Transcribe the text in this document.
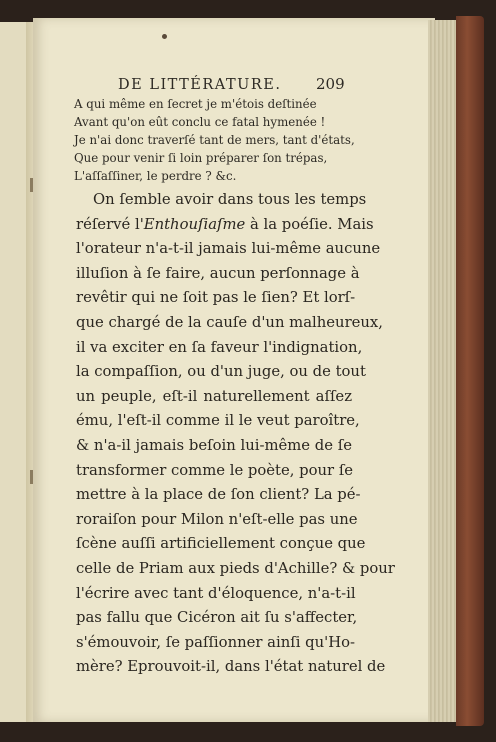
DE LITTÉRATURE.	209
A qui même en ſecret je m'étois deſtinée
Avant qu'on eût conclu ce fatal hymenée !
Je n'ai donc traverſé tant de mers, tant d'états,
Que pour venir ſi loin préparer ſon trépas,
L'aſſaſſiner, le perdre ? &c.
On ſemble avoir dans tous les temps
réſervé l'Enthouſiaſme à la poéſie. Mais
l'orateur n'a-t-il jamais lui-même aucune
illuſion à ſe faire, aucun perſonnage à
revêtir qui ne ſoit pas le ſien? Et lorſ-
que chargé de la cauſe d'un malheureux,
il va exciter en ſa faveur l'indignation,
la compaſſion, ou d'un juge, ou de tout
un peuple, eſt-il naturellement aſſez
ému, l'eſt-il comme il le veut paroître,
& n'a-il jamais beſoin lui-même de ſe
transformer comme le poète, pour ſe
mettre à la place de ſon client? La pé-
roraiſon pour Milon n'eſt-elle pas une
ſcène auſſi artificiellement conçue que
celle de Priam aux pieds d'Achille? & pour
l'écrire avec tant d'éloquence, n'a-t-il
pas fallu que Cicéron ait ſu s'affecter,
s'émouvoir, ſe paſſionner ainſi qu'Ho-
mère? Eprouvoit-il, dans l'état naturel de
